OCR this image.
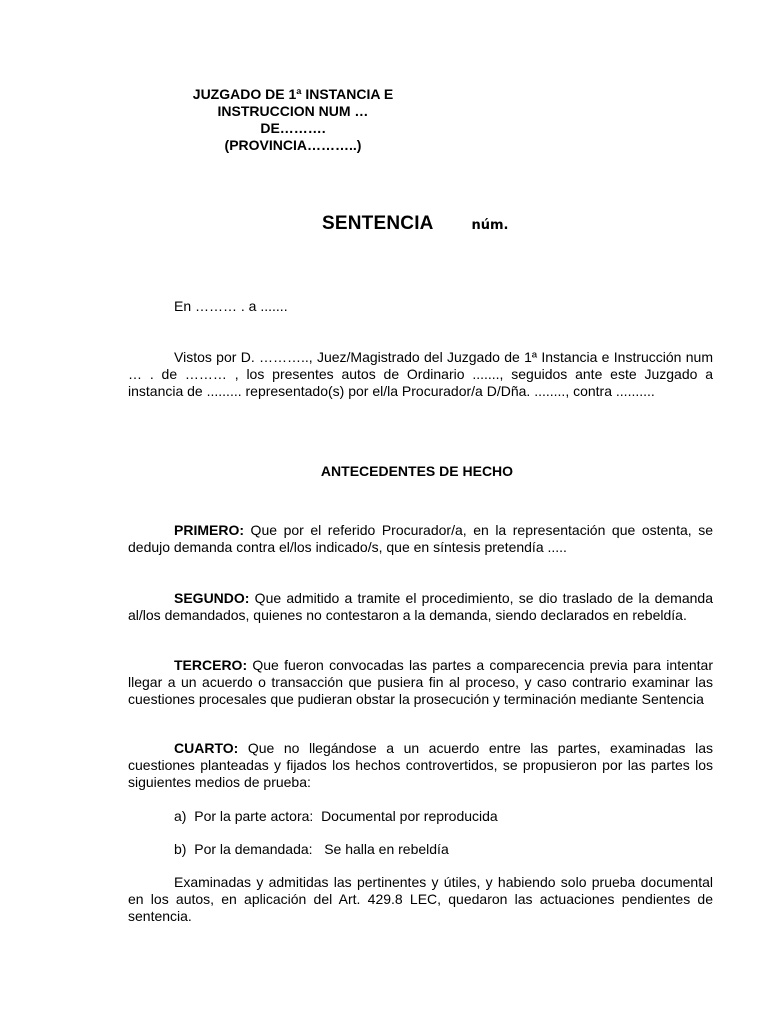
JUZGADO DE 1ª INSTANCIA E
INSTRUCCION NUM …
DE……….
(PROVINCIA………..)
SENTENCIA	núm.
En ……… . a .......
Vistos por D. ……….., Juez/Magistrado del Juzgado de 1ª Instancia e Instrucción num … . de ……… , los presentes autos de Ordinario ......., seguidos ante este Juzgado a instancia de ......... representado(s) por el/la Procurador/a D/Dña. ........, contra ..........
ANTECEDENTES DE HECHO
PRIMERO: Que por el referido Procurador/a, en la representación que ostenta, se dedujo demanda contra el/los indicado/s, que en síntesis pretendía .....
SEGUNDO: Que admitido a tramite el procedimiento, se dio traslado de la demanda al/los demandados, quienes no contestaron a la demanda, siendo declarados en rebeldía.
TERCERO: Que fueron convocadas las partes a comparecencia previa para intentar llegar a un acuerdo o transacción que pusiera fin al proceso, y caso contrario examinar las cuestiones procesales que pudieran obstar la prosecución y terminación mediante Sentencia
CUARTO: Que no llegándose a un acuerdo entre las partes, examinadas las cuestiones planteadas y fijados los hechos controvertidos, se propusieron por las partes los siguientes medios de prueba:
a)  Por la parte actora:  Documental por reproducida
b)  Por la demandada:   Se halla en rebeldía
Examinadas y admitidas las pertinentes y útiles, y habiendo solo prueba documental en los autos, en aplicación del Art. 429.8 LEC, quedaron las actuaciones pendientes de sentencia.
